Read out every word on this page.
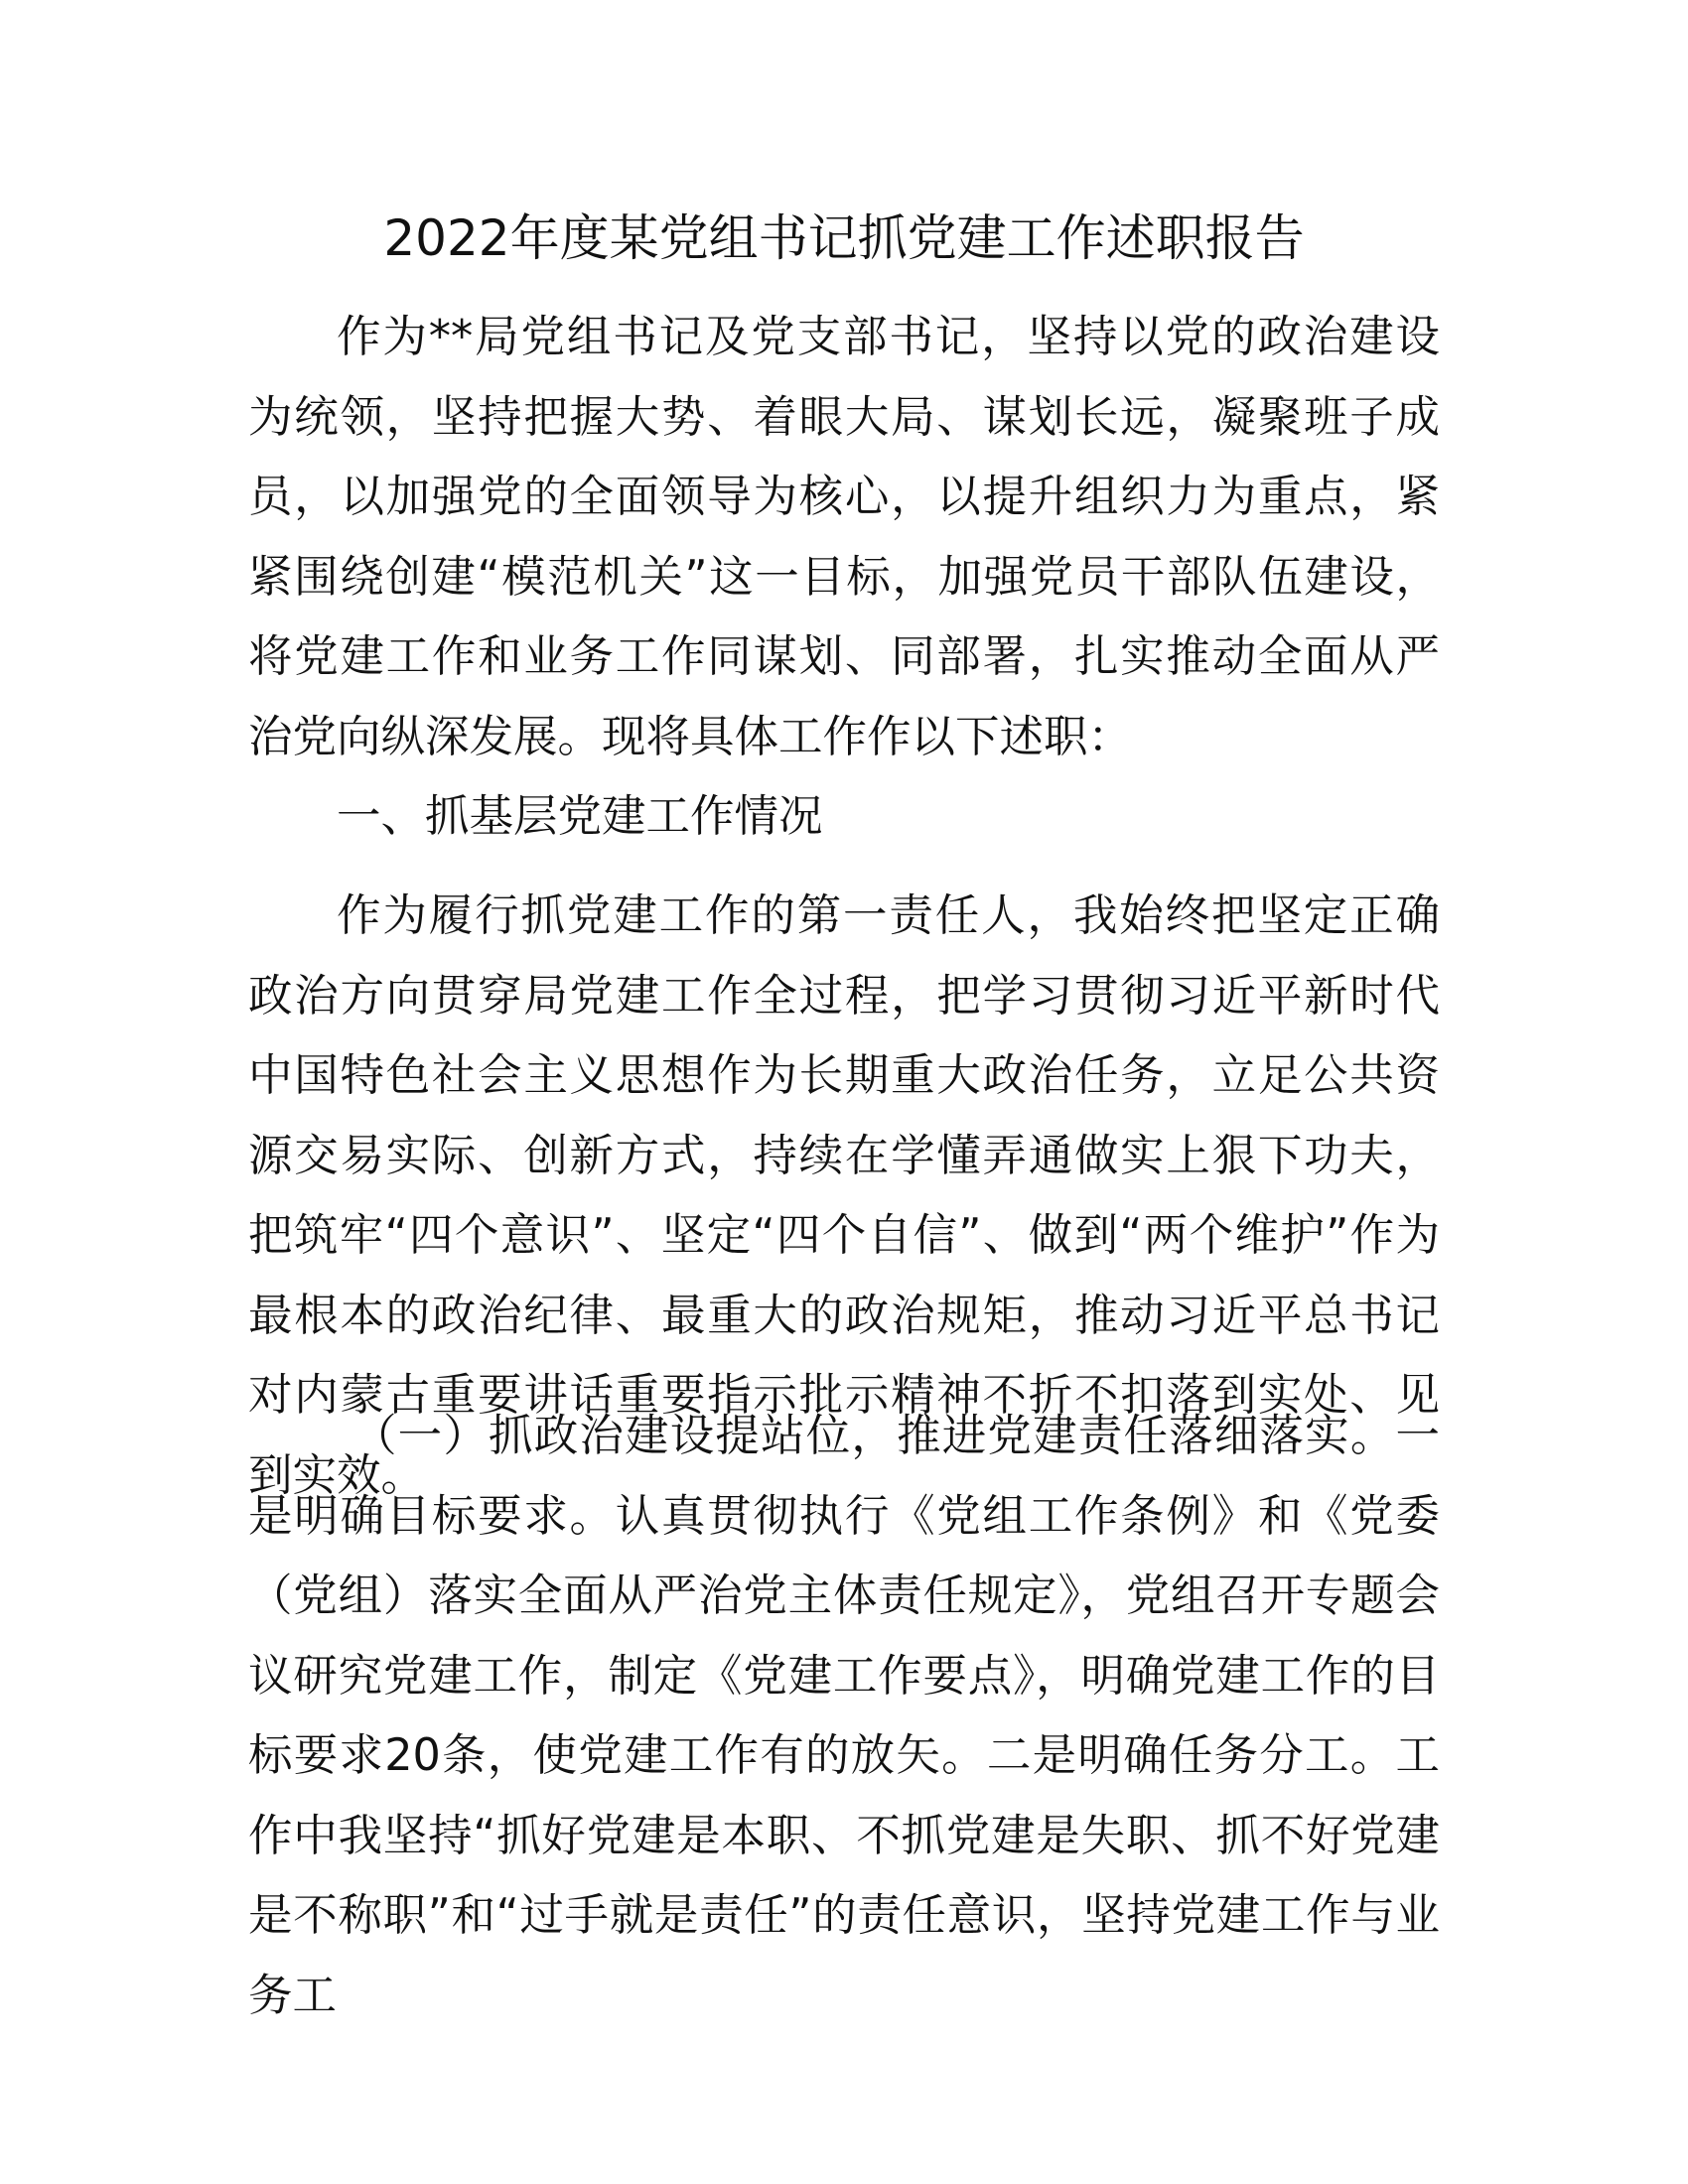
2022年度某党组书记抓党建工作述职报告

作为**局党组书记及党支部书记，坚持以党的政治建设为统领，坚持把握大势、着眼大局、谋划长远，凝聚班子成员，以加强党的全面领导为核心，以提升组织力为重点，紧紧围绕创建“模范机关”这一目标，加强党员干部队伍建设，将党建工作和业务工作同谋划、同部署，扎实推动全面从严治党向纵深发展。现将具体工作作以下述职：

一、抓基层党建工作情况

作为履行抓党建工作的第一责任人，我始终把坚定正确政治方向贯穿局党建工作全过程，把学习贯彻习近平新时代中国特色社会主义思想作为长期重大政治任务，立足公共资源交易实际、创新方式，持续在学懂弄通做实上狠下功夫，把筑牢“四个意识”、坚定“四个自信”、做到“两个维护”作为最根本的政治纪律、最重大的政治规矩，推动习近平总书记对内蒙古重要讲话重要指示批示精神不折不扣落到实处、见到实效。

（一）抓政治建设提站位，推进党建责任落细落实。一是明确目标要求。认真贯彻执行《党组工作条例》和《党委（党组）落实全面从严治党主体责任规定》，党组召开专题会议研究党建工作，制定《党建工作要点》，明确党建工作的目标要求20条，使党建工作有的放矢。二是明确任务分工。工作中我坚持“抓好党建是本职、不抓党建是失职、抓不好党建是不称职”和“过手就是责任”的责任意识，坚持党建工作与业务工
